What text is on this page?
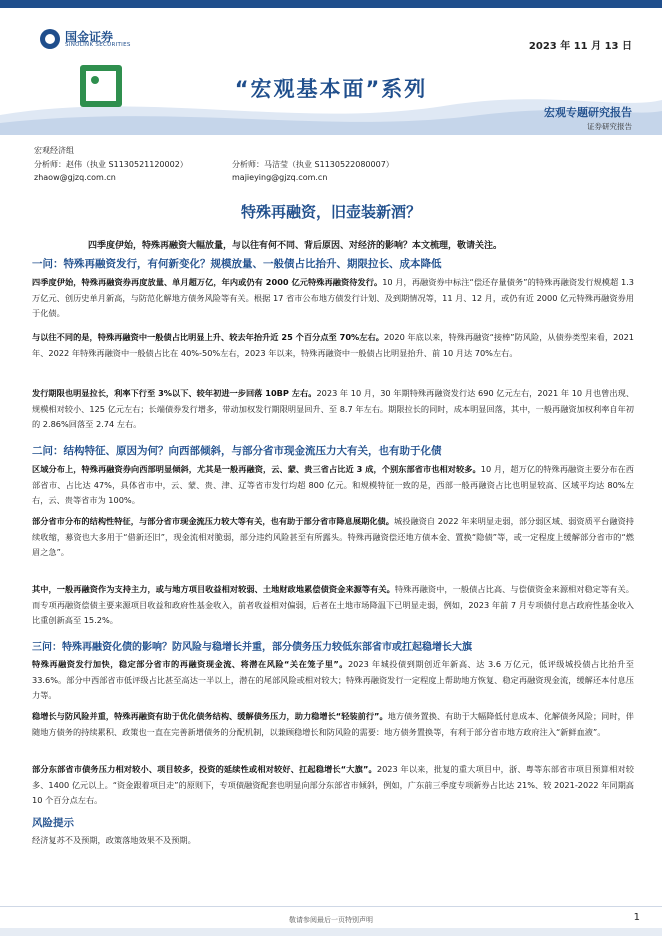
国金证券
SINOLINK SECURITIES	2023 年 11 月 13 日
“宏观基本面”系列
宏观专题研究报告
证券研究报告
宏观经济组
分析师：赵伟（执业 S1130521120002）
zhaow@gjzq.com.cn
分析师：马洁莹（执业 S1130522080007）
majieying@gjzq.com.cn
特殊再融资，旧壶装新酒？
四季度伊始，特殊再融资大幅放量，与以往有何不同、背后原因、对经济的影响？本文梳理，敬请关注。
一问：特殊再融资发行，有何新变化？规模放量、一般债占比抬升、期限拉长、成本降低
四季度伊始，特殊再融资券再度放量、单月超万亿，年内或仍有 2000 亿元特殊再融资待发行。10 月，再融资券中标注“偿还存量债务”的特殊再融资发行规模超 1.3 万亿元、创历史单月新高，与防范化解地方债务风险等有关。根据 17 省市公布地方债发行计划、及到期情况等，11 月、12 月，或仍有近 2000 亿元特殊再融资券用于化债。
与以往不同的是，特殊再融资中一般债占比明显上升、较去年抬升近 25 个百分点至 70%左右。2020 年底以来，特殊再融资“接棒”防风险，从债券类型来看，2021 年、2022 年特殊再融资中一般债占比在 40%-50%左右，2023 年以来，特殊再融资中一般债占比明显抬升、前 10 月达 70%左右。
发行期限也明显拉长，利率下行至 3%以下、较年初进一步回落 10BP 左右。2023 年 10 月，30 年期特殊再融资发行达 690 亿元左右，2021 年 10 月也曾出现、规模相对较小、125 亿元左右；长端债券发行增多，带动加权发行期限明显回升、至 8.7 年左右。期限拉长的同时，成本明显回落，其中，一般再融资加权利率自年初的 2.86%回落至 2.74 左右。
二问：结构特征、原因为何？向西部倾斜，与部分省市现金流压力大有关，也有助于化债
区域分布上，特殊再融资券向西部明显倾斜，尤其是一般再融资，云、蒙、贵三省占比近 3 成，个别东部省市也相对较多。10 月，超万亿的特殊再融资主要分布在西部省市、占比达 47%，具体省市中，云、蒙、贵、津、辽等省市发行均超 800 亿元。和规模特征一致的是，西部一般再融资占比也明显较高、区域平均达 80%左右，云、贵等省市为 100%。
部分省市分布的结构性特征，与部分省市现金流压力较大等有关，也有助于部分省市降息展期化债。城投融资自 2022 年来明显走弱，部分弱区域、弱资质平台融资持续收缩，募资也大多用于“借新还旧”，现金流相对脆弱，部分违约风险甚至有所露头。特殊再融资偿还地方债本金、置换“隐债”等，或一定程度上缓解部分省市的“燃眉之急”。
其中，一般再融资作为支持主力，或与地方项目收益相对较弱、土地财政地累偿债资金来源等有关。特殊再融资中，一般债占比高、与偿债资金来源相对稳定等有关。而专项再融资偿债主要来源项目收益和政府性基金收入，前者收益相对偏弱，后者在土地市场降温下已明显走弱，例如，2023 年前 7 月专项债付息占政府性基金收入比重创新高至 15.2%。
三问：特殊再融资化债的影响？防风险与稳增长并重，部分债务压力较低东部省市或扛起稳增长大旗
特殊再融资发行加快，稳定部分省市的再融资现金流、将潜在风险“关在笼子里”。2023 年城投债到期创近年新高、达 3.6 万亿元，低评级城投债占比抬升至 33.6%。部分中西部省市低评级占比甚至高达一半以上，潜在的尾部风险或相对较大；特殊再融资发行一定程度上帮助地方恢复、稳定再融资现金流，缓解还本付息压力等。
稳增长与防风险并重，特殊再融资有助于优化债务结构、缓解债务压力，助力稳增长“轻装前行”。地方债务置换、有助于大幅降低付息成本、化解债务风险；同时，伴随地方债务的持续累积、政策也一直在完善新增债务的分配机制，以兼顾稳增长和防风险的需要：地方债务置换等，有利于部分省市地方政府注入“新鲜血液”。
部分东部省市债务压力相对较小、项目较多，投资的延续性或相对较好、扛起稳增长“大旗”。2023 年以来，批复的重大项目中，浙、粤等东部省市项目预算相对较多、1400 亿元以上。“资金跟着项目走”的原则下，专项债融资配套也明显向部分东部省市倾斜，例如，广东前三季度专项新券占比达 21%、较 2021-2022 年同期高 10 个百分点左右。
风险提示
经济复苏不及预期，政策落地效果不及预期。
敬请参阅最后一页特别声明	1
